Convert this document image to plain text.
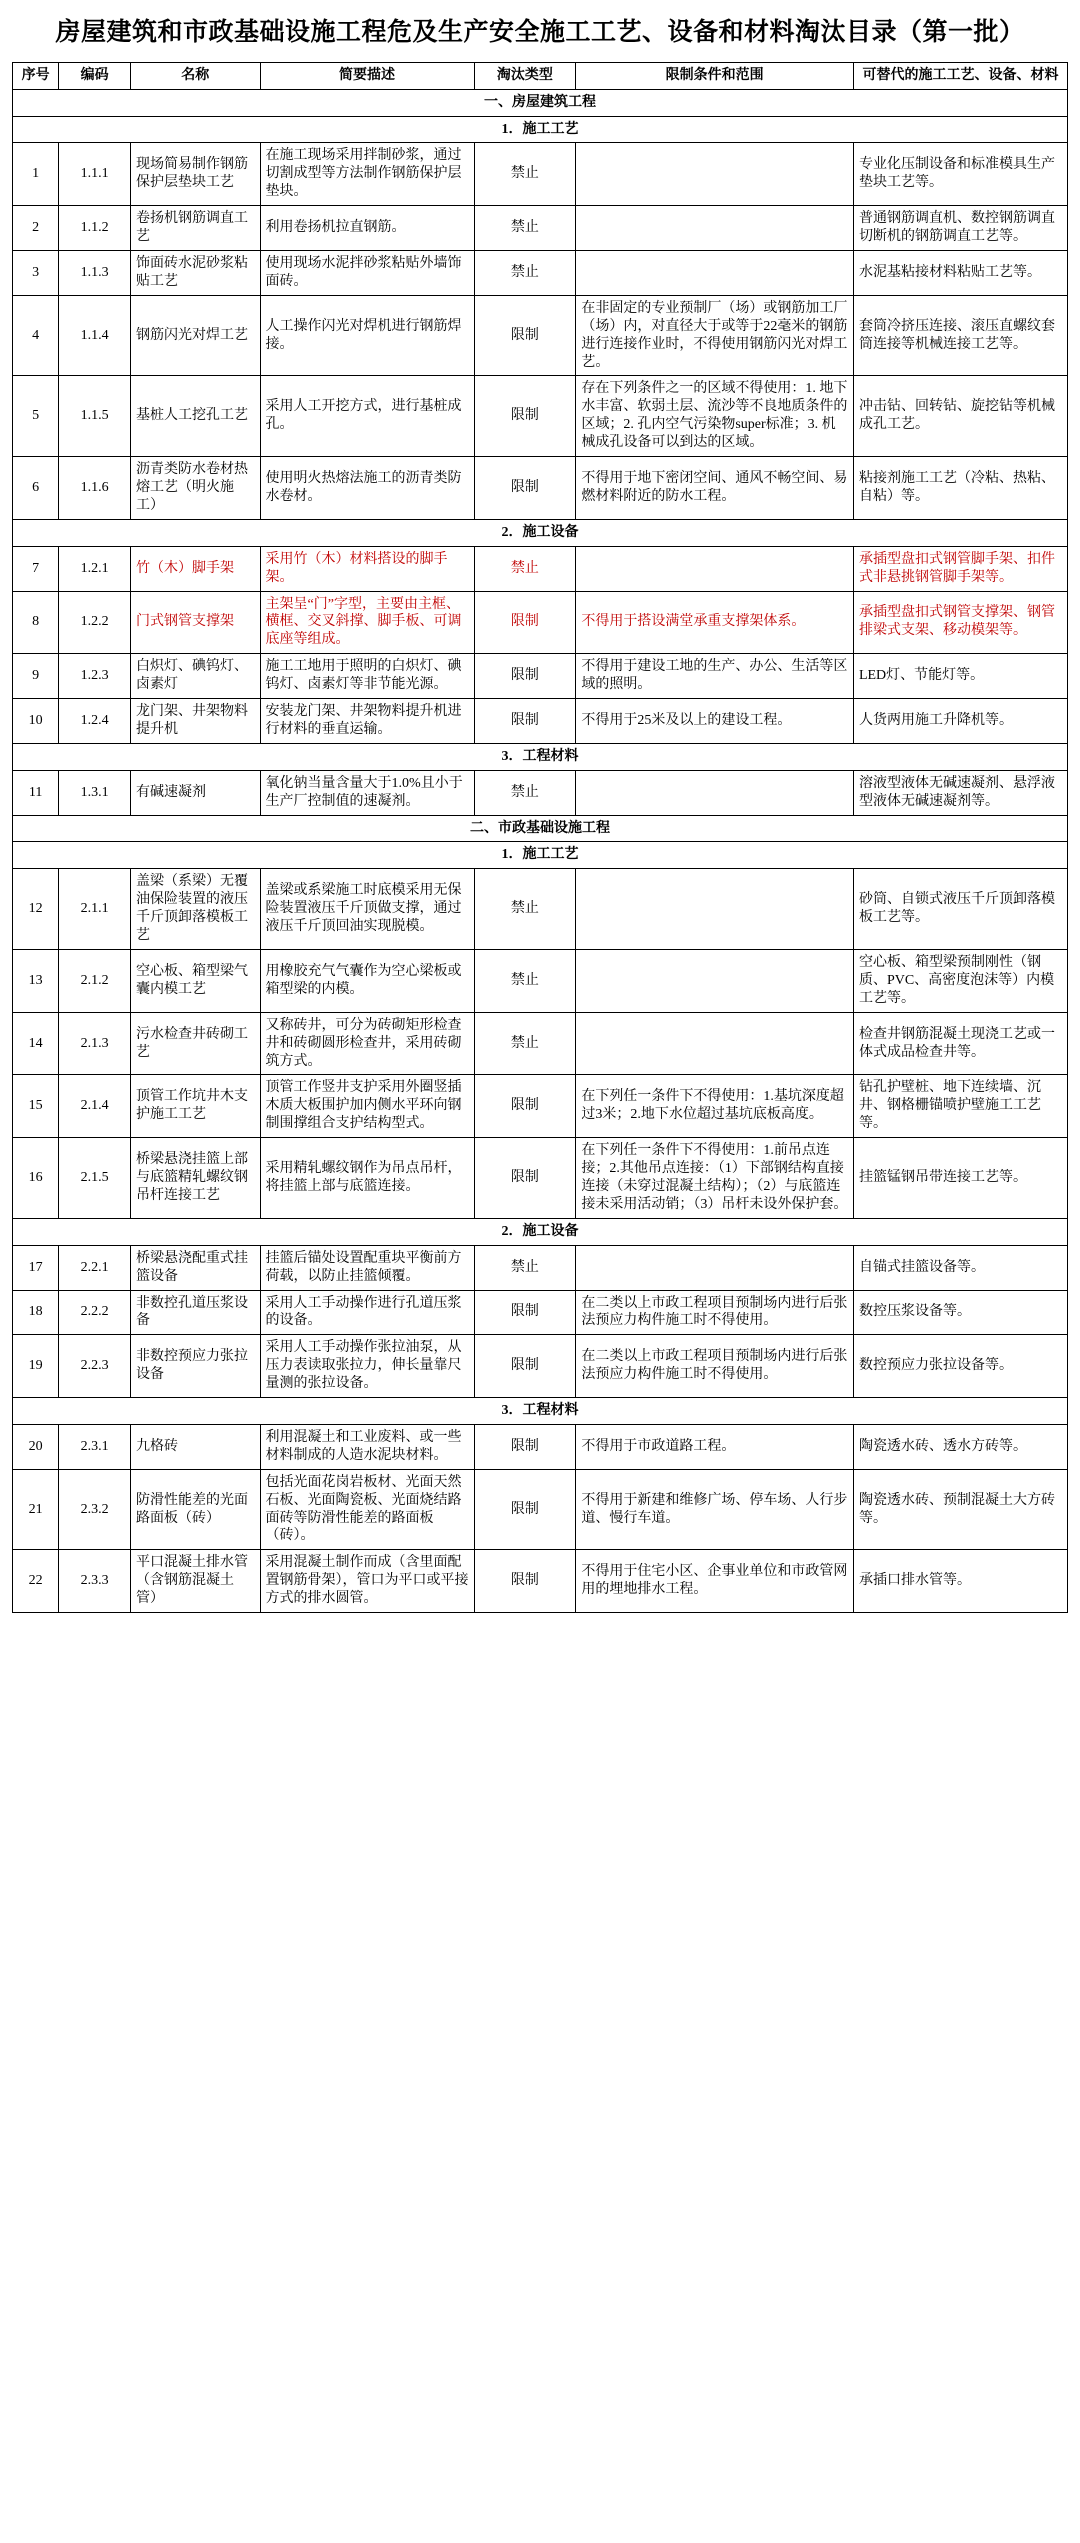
房屋建筑和市政基础设施工程危及生产安全施工工艺、设备和材料淘汰目录（第一批）
序号	编码	名称	简要描述	淘汰类型	限制条件和范围	可替代的施工工艺、设备、材料
一、房屋建筑工程						
1．施工工艺						
1	1.1.1	现场简易制作钢筋保护层垫块工艺	在施工现场采用拌制砂浆，通过切割成型等方法制作钢筋保护层垫块。	禁止		专业化压制设备和标准模具生产垫块工艺等。
2	1.1.2	卷扬机钢筋调直工艺	利用卷扬机拉直钢筋。	禁止		普通钢筋调直机、数控钢筋调直切断机的钢筋调直工艺等。
3	1.1.3	饰面砖水泥砂浆粘贴工艺	使用现场水泥拌砂浆粘贴外墙饰面砖。	禁止		水泥基粘接材料粘贴工艺等。
4	1.1.4	钢筋闪光对焊工艺	人工操作闪光对焊机进行钢筋焊接。	限制	在非固定的专业预制厂（场）或钢筋加工厂（场）内，对直径大于或等于22毫米的钢筋进行连接作业时，不得使用钢筋闪光对焊工艺。	套筒冷挤压连接、滚压直螺纹套筒连接等机械连接工艺等。
5	1.1.5	基桩人工挖孔工艺	采用人工开挖方式，进行基桩成孔。	限制	存在下列条件之一的区域不得使用：1. 地下水丰富、软弱土层、流沙等不良地质条件的区域；2. 孔内空气污染物super标准；3. 机械成孔设备可以到达的区域。	冲击钻、回转钻、旋挖钻等机械成孔工艺。
6	1.1.6	沥青类防水卷材热熔工艺（明火施工）	使用明火热熔法施工的沥青类防水卷材。	限制	不得用于地下密闭空间、通风不畅空间、易燃材料附近的防水工程。	粘接剂施工工艺（冷粘、热粘、自粘）等。
2．施工设备						
7	1.2.1	竹（木）脚手架	采用竹（木）材料搭设的脚手架。	禁止		承插型盘扣式钢管脚手架、扣件式非悬挑钢管脚手架等。
8	1.2.2	门式钢管支撑架	主架呈“门”字型，主要由主框、横框、交叉斜撑、脚手板、可调底座等组成。	限制	不得用于搭设满堂承重支撑架体系。	承插型盘扣式钢管支撑架、钢管排梁式支架、移动模架等。
9	1.2.3	白炽灯、碘钨灯、卤素灯	施工工地用于照明的白炽灯、碘钨灯、卤素灯等非节能光源。	限制	不得用于建设工地的生产、办公、生活等区域的照明。	LED灯、节能灯等。
10	1.2.4	龙门架、井架物料提升机	安装龙门架、井架物料提升机进行材料的垂直运输。	限制	不得用于25米及以上的建设工程。	人货两用施工升降机等。
3．工程材料						
11	1.3.1	有碱速凝剂	氧化钠当量含量大于1.0%且小于生产厂控制值的速凝剂。	禁止		溶液型液体无碱速凝剂、悬浮液型液体无碱速凝剂等。
二、市政基础设施工程						
1．施工工艺						
12	2.1.1	盖梁（系梁）无覆油保险装置的液压千斤顶卸落模板工艺	盖梁或系梁施工时底模采用无保险装置液压千斤顶做支撑，通过液压千斤顶回油实现脱模。	禁止		砂筒、自锁式液压千斤顶卸落模板工艺等。
13	2.1.2	空心板、箱型梁气囊内模工艺	用橡胶充气气囊作为空心梁板或箱型梁的内模。	禁止		空心板、箱型梁预制刚性（钢质、PVC、高密度泡沫等）内模工艺等。
14	2.1.3	污水检查井砖砌工艺	又称砖井，可分为砖砌矩形检查井和砖砌圆形检查井，采用砖砌筑方式。	禁止		检查井钢筋混凝土现浇工艺或一体式成品检查井等。
15	2.1.4	顶管工作坑井木支护施工工艺	顶管工作竖井支护采用外圈竖插木质大板围护加内侧水平环向钢制围撑组合支护结构型式。	限制	在下列任一条件下不得使用：1.基坑深度超过3米；2.地下水位超过基坑底板高度。	钻孔护壁桩、地下连续墙、沉井、钢格栅锚喷护壁施工工艺等。
16	2.1.5	桥梁悬浇挂篮上部与底篮精轧螺纹钢吊杆连接工艺	采用精轧螺纹钢作为吊点吊杆，将挂篮上部与底篮连接。	限制	在下列任一条件下不得使用：1.前吊点连接；2.其他吊点连接：（1）下部钢结构直接连接（未穿过混凝土结构）；（2）与底篮连接未采用活动销；（3）吊杆未设外保护套。	挂篮锰钢吊带连接工艺等。
2．施工设备						
17	2.2.1	桥梁悬浇配重式挂篮设备	挂篮后锚处设置配重块平衡前方荷载，以防止挂篮倾覆。	禁止		自锚式挂篮设备等。
18	2.2.2	非数控孔道压浆设备	采用人工手动操作进行孔道压浆的设备。	限制	在二类以上市政工程项目预制场内进行后张法预应力构件施工时不得使用。	数控压浆设备等。
19	2.2.3	非数控预应力张拉设备	采用人工手动操作张拉油泵，从压力表读取张拉力，伸长量靠尺量测的张拉设备。	限制	在二类以上市政工程项目预制场内进行后张法预应力构件施工时不得使用。	数控预应力张拉设备等。
3．工程材料						
20	2.3.1	九格砖	利用混凝土和工业废料、或一些材料制成的人造水泥块材料。	限制	不得用于市政道路工程。	陶瓷透水砖、透水方砖等。
21	2.3.2	防滑性能差的光面路面板（砖）	包括光面花岗岩板材、光面天然石板、光面陶瓷板、光面烧结路面砖等防滑性能差的路面板（砖）。	限制	不得用于新建和维修广场、停车场、人行步道、慢行车道。	陶瓷透水砖、预制混凝土大方砖等。
22	2.3.3	平口混凝土排水管（含钢筋混凝土管）	采用混凝土制作而成（含里面配置钢筋骨架），管口为平口或平接方式的排水圆管。	限制	不得用于住宅小区、企事业单位和市政管网用的埋地排水工程。	承插口排水管等。
